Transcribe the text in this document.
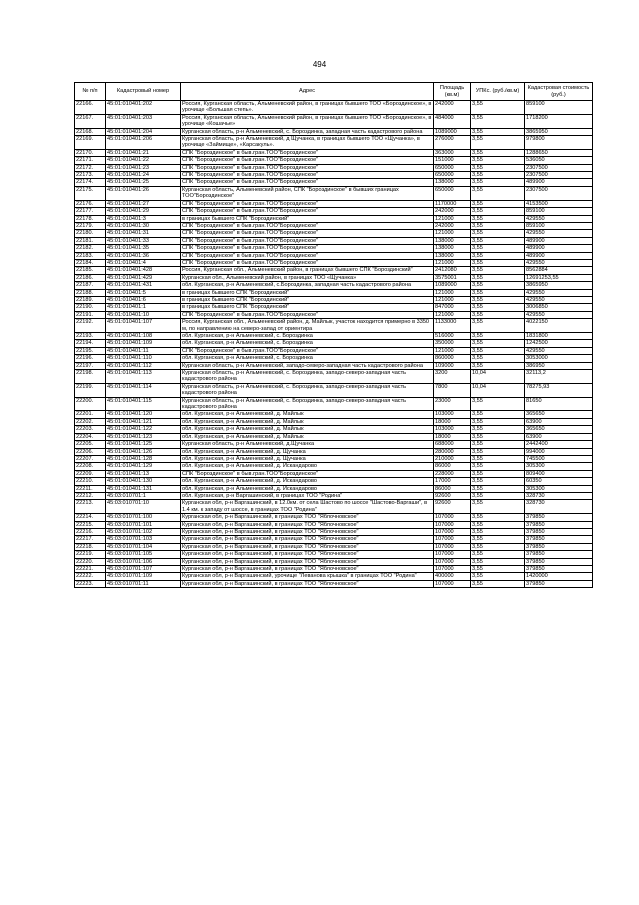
494
№ п/п	Кадастровый номер	Адрес	Площадь (кв.м)	УПКс. (руб./кв.м)	Кадастровая стоимость (руб.)
22166.	45:01:010401:202	Россия, Курганская область, Альменевский район, в границах бывшего ТОО «Бороздинское», в урочище «Большая степь».	242000	3,55	859100
22167.	45:01:010401:203	Россия, Курганская область, Альменевский район, в границах бывшего ТОО «Бороздинское», в урочище «Кошачье»	484000	3,55	1718200
22168.	45:01:010401:204	Курганская область, р-н Альменевский, с. Бороздинка, западная часть кадастрового района	1089000	3,55	3865950
22169.	45:01:010401:206	Курганская область, р-н Альменевский, д Щучанка, в границах бывшего ТОО «Щучанка», в урочище «Займище», «Карсакуль».	276000	3,55	979800
22170.	45:01:010401:21	СПК "Бороздинское" в быв.гран.ТОО"Бороздинское"	363000	3,55	1288650
22171.	45:01:010401:22	СПК "Бороздинское" в быв.гран.ТОО"Бороздинское"	151000	3,55	536050
22172.	45:01:010401:23	СПК "Бороздинское" в быв.гран.ТОО"Бороздинское"	650000	3,55	2307500
22173.	45:01:010401:24	СПК "Бороздинское" в быв.гран.ТОО"Бороздинское"	650000	3,55	2307500
22174.	45:01:010401:25	СПК "Бороздинское" в быв.гран.ТОО"Бороздинское"	138000	3,55	489900
22175.	45:01:010401:26	Курганская область, Альменевский район, СПК "Бороздинское" в бывших границах ТОО"Бороздинское"	650000	3,55	2307500
22176.	45:01:010401:27	СПК "Бороздинское" в быв.гран.ТОО"Бороздинское"	1170000	3,55	4153500
22177.	45:01:010401:29	СПК "Бороздинское" в быв.гран.ТОО"Бороздинское"	242000	3,55	859100
22178.	45:01:010401:3	в границах бывшего СПК "Бороздинский"	121000	3,55	429550
22179.	45:01:010401:30	СПК "Бороздинское" в быв.гран.ТОО"Бороздинское"	242000	3,55	859100
22180.	45:01:010401:31	СПК "Бороздинское" в быв.гран.ТОО"Бороздинское"	121000	3,55	429550
22181.	45:01:010401:33	СПК "Бороздинское" в быв.гран.ТОО"Бороздинское"	138000	3,55	489900
22182.	45:01:010401:35	СПК "Бороздинское" в быв.гран.ТОО"Бороздинское"	138000	3,55	489900
22183.	45:01:010401:36	СПК "Бороздинское" в быв.гран.ТОО"Бороздинское"	138000	3,55	489900
22184.	45:01:010401:4	СПК "Бороздинское" в быв.гран.ТОО"Бороздинское"	121000	3,55	429550
22185.	45:01:010401:428	Россия, Курганская обл., Альменевский район, в границах бывшего СПК "Бороздинский"	2412080	3,55	8562884
22186.	45:01:010401:429	Курганская обл., Альменевский район, в границах ТОО «Щучанка»	3575001	3,55	12691253,55
22187.	45:01:010401:431	обл. Курганская, р-н Альменевский, с.Бороздинка, западная часть кадастрового района	1089000	3,55	3865950
22188.	45:01:010401:5	в границах бывшего СПК "Бороздинский"	121000	3,55	429550
22189.	45:01:010401:6	в границах бывшего СПК "Бороздинский"	121000	3,55	429550
22190.	45:01:010401:1	в границах бывшего СПК "Бороздинский"	847000	3,55	3006850
22191.	45:01:010401:10	СПК "Бороздинское" в быв.гран.ТОО"Бороздинское"	121000	3,55	429550
22192.	45:01:010401:107	Россия, Курганская обл., Альменевский район, д. Майлык, участок находится примерно в 3350 м, по направлению на северо-запад от ориентира	1133000	3,55	4022150
22193.	45:01:010401:108	обл. Курганская, р-н Альменевский, с. Бороздинка	516000	3,55	1831800
22194.	45:01:010401:109	обл. Курганская, р-н Альменевский, с. Бороздинка	350000	3,55	1242500
22195.	45:01:010401:11	СПК "Бороздинское" в быв.гран.ТОО"Бороздинское"	121000	3,55	429550
22196.	45:01:010401:110	обл. Курганская, р-н Альменевский, с. Бороздинка	860000	3,55	3053000
22197.	45:01:010401:112	Курганская область, р-н Альменевский, западо-северо-западная часть кадастрового района	109000	3,55	386950
22198.	45:01:010401:113	Курганская область, р-н Альменевский, с. Бороздинка, западо-северо-западная часть кадастрового района	3200	10,04	32113,2
22199.	45:01:010401:114	Курганская область, р-н Альменевский, с. Бороздинка, западо-северо-западная часть кадастрового района	7800	10,04	78275,93
22200.	45:01:010401:115	Курганская область, р-н Альменевский, с. Бороздинка, западо-северо-западная часть кадастрового района	23000	3,55	81650
22201.	45:01:010401:120	обл. Курганская, р-н Альменевский, д. Майлык	103000	3,55	365650
22202.	45:01:010401:121	обл. Курганская, р-н Альменевский, д. Майлык	18000	3,55	63900
22203.	45:01:010401:122	обл. Курганская, р-н Альменевский, д. Майлык	103000	3,55	365650
22204.	45:01:010401:123	обл. Курганская, р-н Альменевский, д. Майлык	18000	3,55	63900
22205.	45:01:010401:125	Курганская область, р-н Альменевский, д.Щучанка	688000	3,55	2442400
22206.	45:01:010401:126	обл. Курганская, р-н Альменевский, д. Щучанка	280000	3,55	994000
22207.	45:01:010401:128	обл. Курганская, р-н Альменевский, д. Щучанка	210000	3,55	745500
22208.	45:01:010401:129	обл. Курганская, р-н Альменевский, д. Искандарово	86000	3,55	305300
22209.	45:01:010401:13	СПК "Бороздинское" в быв.гран.ТОО"Бороздинское"	228000	3,55	809400
22210.	45:01:010401:130	обл. Курганская, р-н Альменевский, д. Искандарово	17000	3,55	60350
22211.	45:01:010401:131	обл. Курганская, р-н Альменевский, д. Искандарово	86000	3,55	305300
22212.	45:03:010701:1	обл. Курганская, р-н Варгашинский, в границах ТОО "Родина"	92600	3,55	328730
22213.	45:03:010701:10	Курганская обл, р-н Варгашинский, в 12.0км. от села Шастово по шоссе "Шастово-Варгаши", в 1.4 км. к западу от шоссе, в границах ТОО "Родина"	92600	3,55	328730
22214.	45:03:010701:100	Курганская обл, р-н Варгашинский, в границах ТОО "Яблочновское"	107000	3,55	379850
22215.	45:03:010701:101	Курганская обл, р-н Варгашинский, в границах ТОО "Яблочновское"	107000	3,55	379850
22216.	45:03:010701:102	Курганская обл, р-н Варгашинский, в границах ТОО "Яблочновское"	107000	3,55	379850
22217.	45:03:010701:103	Курганская обл, р-н Варгашинский, в границах ТОО "Яблочновское"	107000	3,55	379850
22218.	45:03:010701:104	Курганская обл, р-н Варгашинский, в границах ТОО "Яблочновское"	107000	3,55	379850
22219.	45:03:010701:105	Курганская обл, р-н Варгашинский, в границах ТОО "Яблочновское"	107000	3,55	379850
22220.	45:03:010701:106	Курганская обл, р-н Варгашинский, в границах ТОО "Яблочновское"	107000	3,55	379850
22221.	45:03:010701:107	Курганская обл, р-н Варгашинский, в границах ТОО "Яблочновское"	107000	3,55	379850
22222.	45:03:010701:109	Курганская обл, р-н Варгашинский, урочище "Леванова крышка" в границах ТОО "Родина"	400000	3,55	1420000
22223.	45:03:010701:11	Курганская обл, р-н Варгашинский, в границах ТОО "Яблочновское"	107000	3,55	379850
